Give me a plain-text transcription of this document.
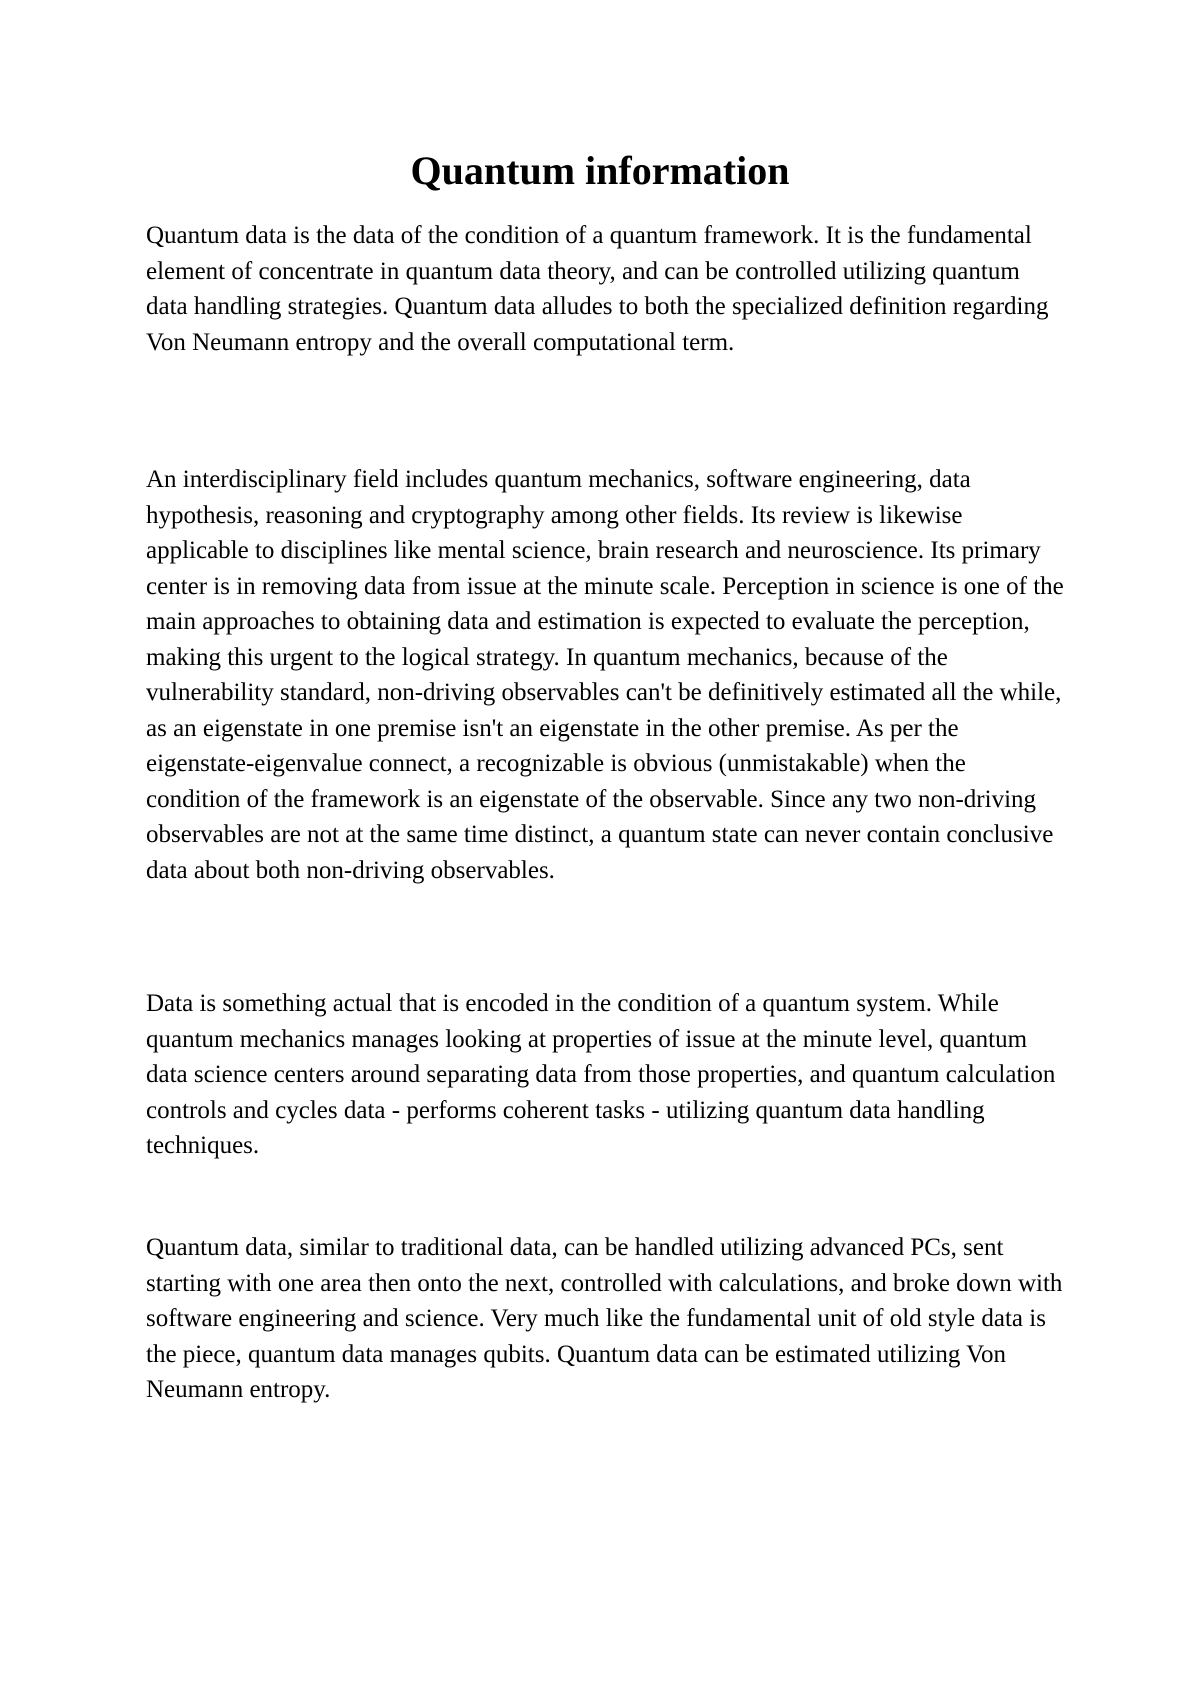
Quantum information

Quantum data is the data of the condition of a quantum framework. It is the fundamental element of concentrate in quantum data theory, and can be controlled utilizing quantum data handling strategies. Quantum data alludes to both the specialized definition regarding Von Neumann entropy and the overall computational term.

An interdisciplinary field includes quantum mechanics, software engineering, data hypothesis, reasoning and cryptography among other fields. Its review is likewise applicable to disciplines like mental science, brain research and neuroscience. Its primary center is in removing data from issue at the minute scale. Perception in science is one of the main approaches to obtaining data and estimation is expected to evaluate the perception, making this urgent to the logical strategy. In quantum mechanics, because of the vulnerability standard, non-driving observables can't be definitively estimated all the while, as an eigenstate in one premise isn't an eigenstate in the other premise. As per the eigenstate-eigenvalue connect, a recognizable is obvious (unmistakable) when the condition of the framework is an eigenstate of the observable. Since any two non-driving observables are not at the same time distinct, a quantum state can never contain conclusive data about both non-driving observables.

Data is something actual that is encoded in the condition of a quantum system. While quantum mechanics manages looking at properties of issue at the minute level, quantum data science centers around separating data from those properties, and quantum calculation controls and cycles data - performs coherent tasks - utilizing quantum data handling techniques.

Quantum data, similar to traditional data, can be handled utilizing advanced PCs, sent starting with one area then onto the next, controlled with calculations, and broke down with software engineering and science. Very much like the fundamental unit of old style data is the piece, quantum data manages qubits. Quantum data can be estimated utilizing Von Neumann entropy.
